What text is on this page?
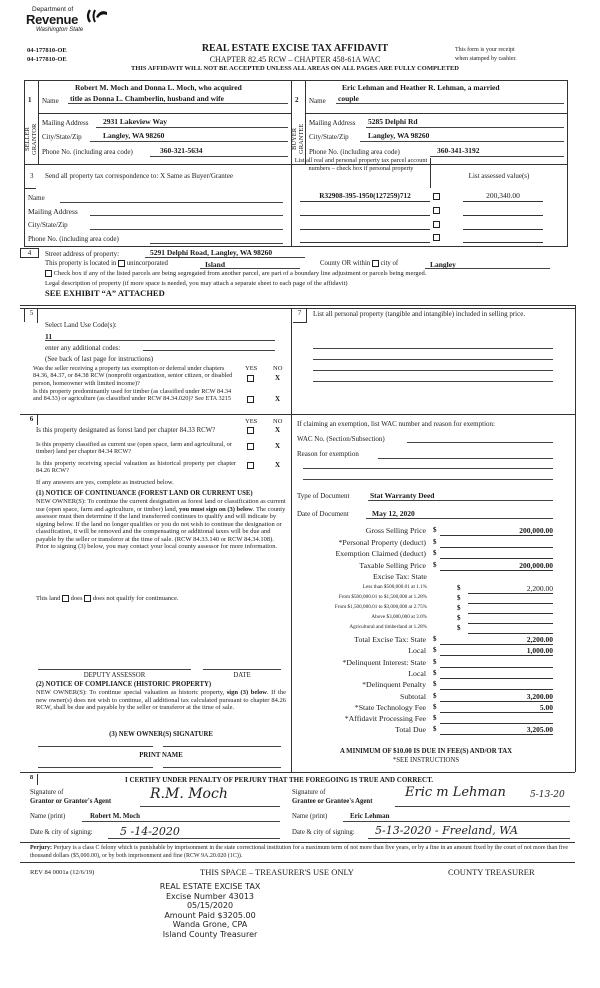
Department of
Revenue
Washington State
04-177810-OE
04-177810-OE
REAL ESTATE EXCISE TAX AFFIDAVIT
CHAPTER 82.45 RCW – CHAPTER 458-61A WAC
This form is your receipt
when stamped by cashier.
THIS AFFIDAVIT WILL NOT BE ACCEPTED UNLESS ALL AREAS ON ALL PAGES ARE FULLY COMPLETED
1
SELLER GRANTOR
Name
Robert M. Moch and Donna L. Moch, who acquired
title as Donna L. Chamberlin, husband and wife
Mailing Address 2931 Lakeview Way
City/State/Zip	Langley, WA 98260
Phone No. (including area code)	360-321-5634
2
BUYER GRANTEE
Name
Eric Lehman and Heather R. Lehman, a married
couple
Mailing Address 5285 Delphi Rd
City/State/Zip	Langley, WA 98260
Phone No. (including area code)	360-341-3192
3 Send all property tax correspondence to: X Same as Buyer/Grantee
List all real and personal property tax parcel account numbers – check box if personal property
List assessed value(s)
Name
Mailing Address
City/State/Zip
Phone No. (including area code)
R32908-395-1950(127259)712	200,340.00
4	Street address of property:	5291 Delphi Road, Langley, WA 98260
This property is located in unincorporated	Island	County OR within city of	Langley
Check box if any of the listed parcels are being segregated from another parcel, are part of a boundary line adjustment or parcels being merged.
Legal description of property (if more space is needed, you may attach a separate sheet to each page of the affidavit)
SEE EXHIBIT “A” ATTACHED
5
Select Land Use Code(s):
11
enter any additional codes:
(See back of last page for instructions)
YES NO
Was the seller receiving a property tax exemption or deferral under chapters 84.36, 84.37, or 84.38 RCW (nonprofit organization, senior citizen, or disabled person, homeowner with limited income)?
X
Is this property predominantly used for timber (as classified under RCW 84.34 and 84.33) or agriculture (as classified under RCW 84.34.020)? See ETA 3215	X
7	List all personal property (tangible and intangible) included in selling price.
6	YES NO
Is this property designated as forest land per chapter 84.33 RCW?	X
Is this property classified as current use (open space, farm and agricultural, or timber) land per chapter 84.34 RCW?
X
Is this property receiving special valuation as historical property per chapter 84.26 RCW?
X
If any answers are yes, complete as instructed below.
(1) NOTICE OF CONTINUANCE (FOREST LAND OR CURRENT USE)
NEW OWNER(S): To continue the current designation as forest land or classification as current use (open space, farm and agriculture, or timber) land, you must sign on (3) below. The county assessor must then determine if the land transferred continues to qualify and will indicate by signing below. If the land no longer qualifies or you do not wish to continue the designation or classification, it will be removed and the compensating or additional taxes will be due and payable by the seller or transferor at the time of sale. (RCW 84.33.140 or RCW 84.34.108). Prior to signing (3) below, you may contact your local county assessor for more information.
This land does does not qualify for continuance.
DEPUTY ASSESSOR	DATE
(2) NOTICE OF COMPLIANCE (HISTORIC PROPERTY)
NEW OWNER(S): To continue special valuation as historic property, sign (3) below. If the new owner(s) does not wish to continue, all additional tax calculated pursuant to chapter 84.26 RCW, shall be due and payable by the seller or transferor at the time of sale.
(3) NEW OWNER(S) SIGNATURE
PRINT NAME
If claiming an exemption, list WAC number and reason for exemption:
WAC No. (Section/Subsection)
Reason for exemption
Type of Document	Stat Warranty Deed
Date of Document	May 12, 2020
Gross Selling Price $	200,000.00
*Personal Property (deduct) $
Exemption Claimed (deduct) $
Taxable Selling Price $	200,000.00
Excise Tax: State
Less than $500,000.01 at 1.1%	$	2,200.00
From $500,000.01 to $1,500,000 at 1.28%	$
From $1,500,000.01 to $3,000,000 at 2.75%	$
Above $3,000,000 at 3.0%	$
Agricultural and timberland at 1.28%	$
Total Excise Tax: State $	2,200.00
Local $	1,000.00
*Delinquent Interest: State $
Local $
*Delinquent Penalty $
Subtotal $	3,200.00
*State Technology Fee $	5.00
*Affidavit Processing Fee $
Total Due $	3,205.00
A MINIMUM OF $10.00 IS DUE IN FEE(S) AND/OR TAX
*SEE INSTRUCTIONS
8	I CERTIFY UNDER PENALTY OF PERJURY THAT THE FOREGOING IS TRUE AND CORRECT.
Signature of
Grantor or Grantor's Agent	R.M. Moch
Name (print)	Robert M. Moch
Date & city of signing: 5 -14-2020
Signature of
Grantee or Grantee's Agent
Eric m Lehman	5-13-20
Name (print)	Eric Lehman
Date & city of signing: 5-13-2020 - Freeland, WA
Perjury: Perjury is a class C felony which is punishable by imprisonment in the state correctional institution for a maximum term of not more than five years, or by a fine in an amount fixed by the court of not more than five thousand dollars ($5,000.00), or by both imprisonment and fine (RCW 9A.20.020 (1C)).
REV 84 0001a (12/6/19)	THIS SPACE – TREASURER'S USE ONLY	COUNTY TREASURER
REAL ESTATE EXCISE TAX
Excise Number 43013
05/15/2020
Amount Paid $3205.00
Wanda Grone, CPA
Island County Treasurer
